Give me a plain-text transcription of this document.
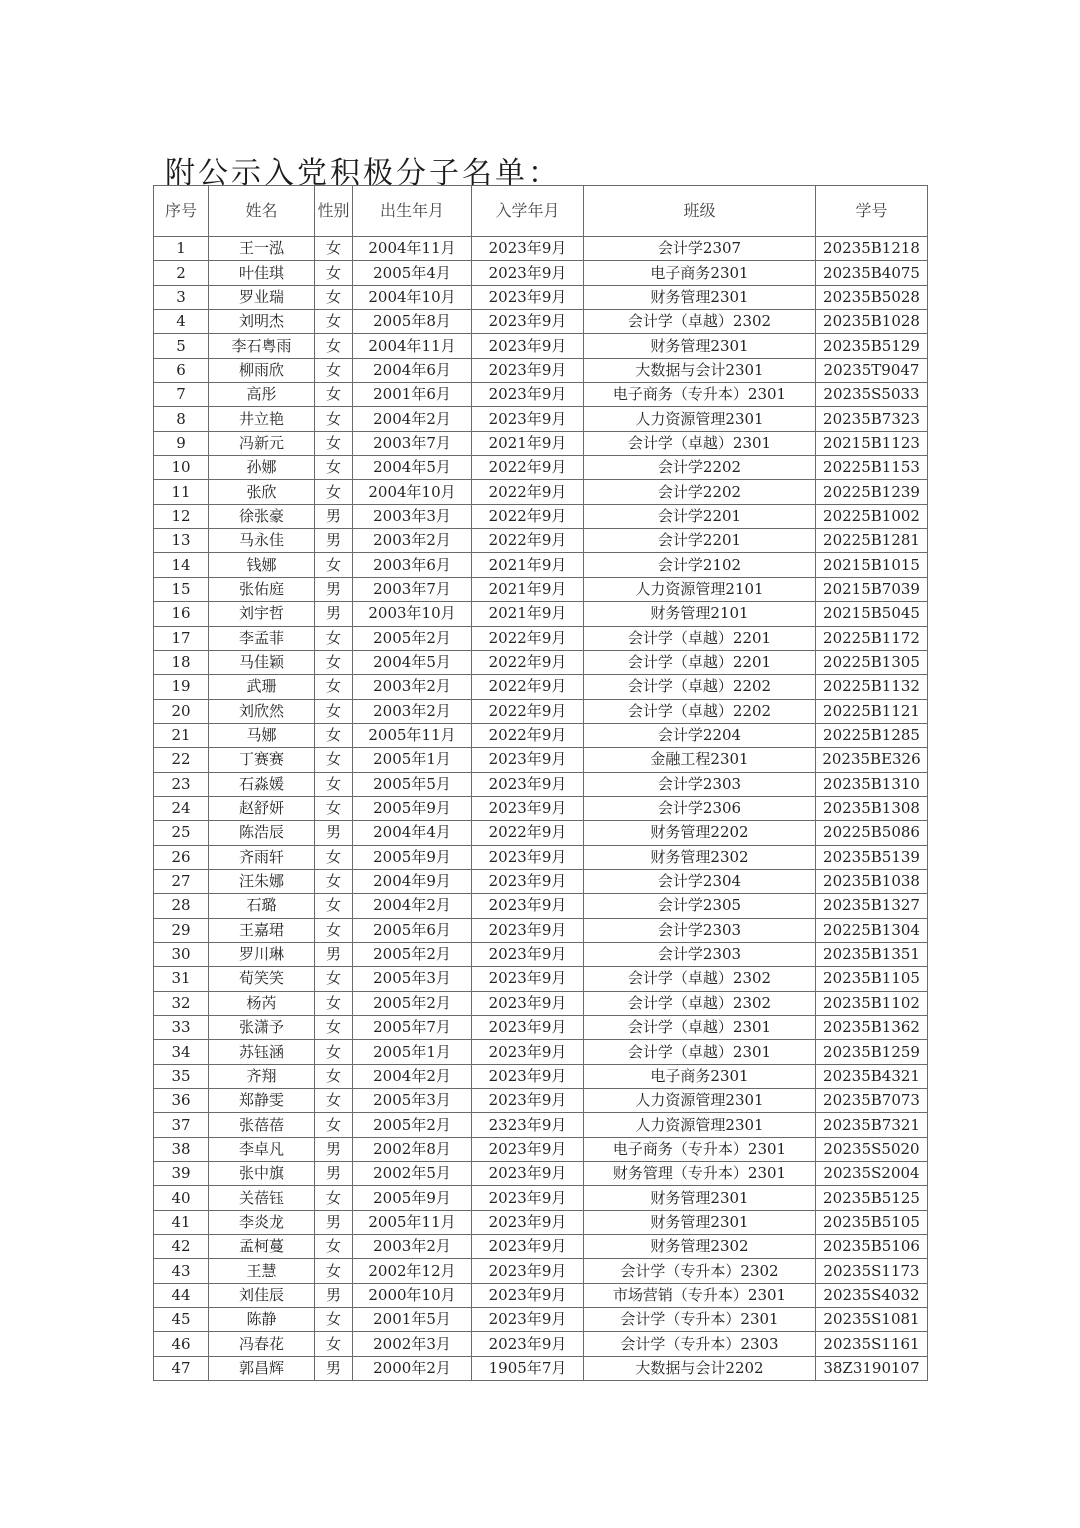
附公示入党积极分子名单：
序号	姓名	性别	出生年月	入学年月	班级	学号
1	王一泓	女	2004年11月	2023年9月	会计学2307	20235B1218
2	叶佳琪	女	2005年4月	2023年9月	电子商务2301	20235B4075
3	罗业瑞	女	2004年10月	2023年9月	财务管理2301	20235B5028
4	刘明杰	女	2005年8月	2023年9月	会计学（卓越）2302	20235B1028
5	李石粤雨	女	2004年11月	2023年9月	财务管理2301	20235B5129
6	柳雨欣	女	2004年6月	2023年9月	大数据与会计2301	20235T9047
7	高彤	女	2001年6月	2023年9月	电子商务（专升本）2301	20235S5033
8	井立艳	女	2004年2月	2023年9月	人力资源管理2301	20235B7323
9	冯新元	女	2003年7月	2021年9月	会计学（卓越）2301	20215B1123
10	孙娜	女	2004年5月	2022年9月	会计学2202	20225B1153
11	张欣	女	2004年10月	2022年9月	会计学2202	20225B1239
12	徐张豪	男	2003年3月	2022年9月	会计学2201	20225B1002
13	马永佳	男	2003年2月	2022年9月	会计学2201	20225B1281
14	钱娜	女	2003年6月	2021年9月	会计学2102	20215B1015
15	张佑庭	男	2003年7月	2021年9月	人力资源管理2101	20215B7039
16	刘宇哲	男	2003年10月	2021年9月	财务管理2101	20215B5045
17	李孟菲	女	2005年2月	2022年9月	会计学（卓越）2201	20225B1172
18	马佳颖	女	2004年5月	2022年9月	会计学（卓越）2201	20225B1305
19	武珊	女	2003年2月	2022年9月	会计学（卓越）2202	20225B1132
20	刘欣然	女	2003年2月	2022年9月	会计学（卓越）2202	20225B1121
21	马娜	女	2005年11月	2022年9月	会计学2204	20225B1285
22	丁赛赛	女	2005年1月	2023年9月	金融工程2301	20235BE326
23	石淼媛	女	2005年5月	2023年9月	会计学2303	20235B1310
24	赵舒妍	女	2005年9月	2023年9月	会计学2306	20235B1308
25	陈浩辰	男	2004年4月	2022年9月	财务管理2202	20225B5086
26	齐雨轩	女	2005年9月	2023年9月	财务管理2302	20235B5139
27	汪朱娜	女	2004年9月	2023年9月	会计学2304	20235B1038
28	石璐	女	2004年2月	2023年9月	会计学2305	20235B1327
29	王嘉珺	女	2005年6月	2023年9月	会计学2303	20225B1304
30	罗川琳	男	2005年2月	2023年9月	会计学2303	20235B1351
31	荀笑笑	女	2005年3月	2023年9月	会计学（卓越）2302	20235B1105
32	杨芮	女	2005年2月	2023年9月	会计学（卓越）2302	20235B1102
33	张潇予	女	2005年7月	2023年9月	会计学（卓越）2301	20235B1362
34	苏钰涵	女	2005年1月	2023年9月	会计学（卓越）2301	20235B1259
35	齐翔	女	2004年2月	2023年9月	电子商务2301	20235B4321
36	郑静雯	女	2005年3月	2023年9月	人力资源管理2301	20235B7073
37	张蓓蓓	女	2005年2月	2323年9月	人力资源管理2301	20235B7321
38	李卓凡	男	2002年8月	2023年9月	电子商务（专升本）2301	20235S5020
39	张中旗	男	2002年5月	2023年9月	财务管理（专升本）2301	20235S2004
40	关蓓钰	女	2005年9月	2023年9月	财务管理2301	20235B5125
41	李炎龙	男	2005年11月	2023年9月	财务管理2301	20235B5105
42	孟柯蔓	女	2003年2月	2023年9月	财务管理2302	20235B5106
43	王慧	女	2002年12月	2023年9月	会计学（专升本）2302	20235S1173
44	刘佳辰	男	2000年10月	2023年9月	市场营销（专升本）2301	20235S4032
45	陈静	女	2001年5月	2023年9月	会计学（专升本）2301	20235S1081
46	冯春花	女	2002年3月	2023年9月	会计学（专升本）2303	20235S1161
47	郭昌辉	男	2000年2月	1905年7月	大数据与会计2202	38Z3190107
